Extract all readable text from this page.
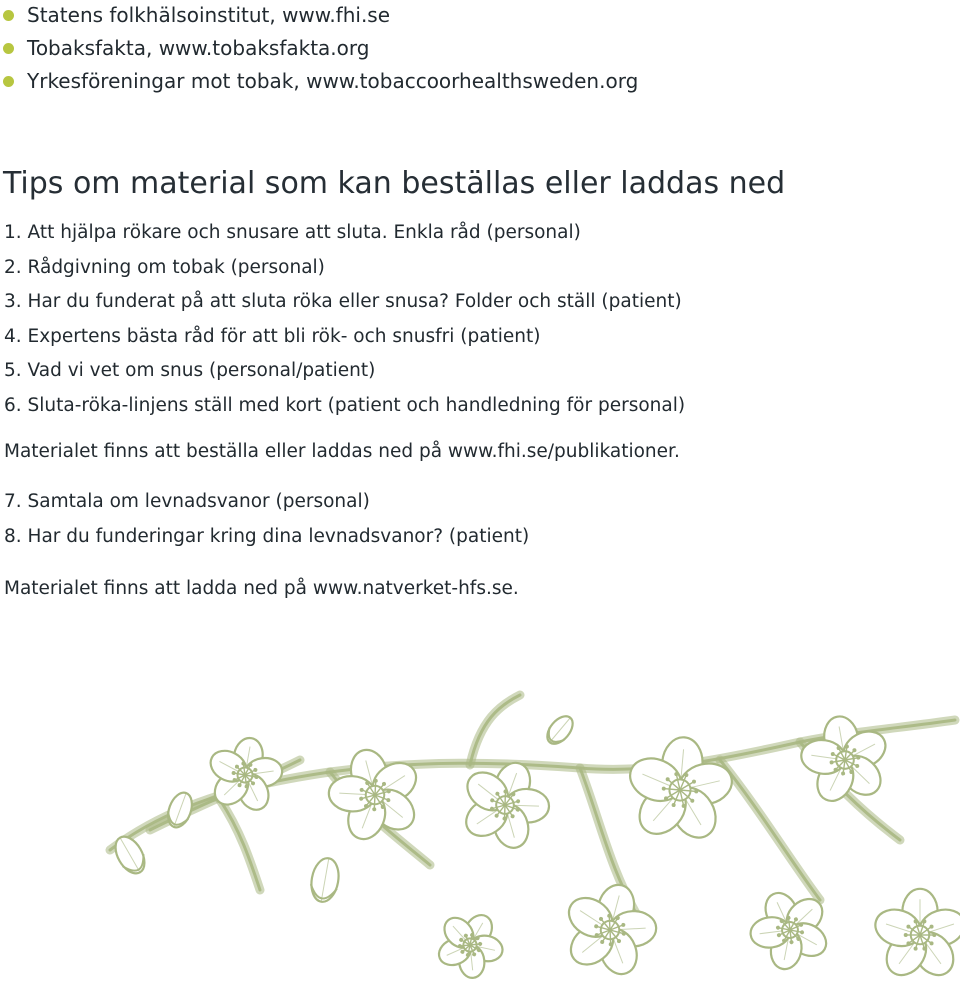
Statens folkhälsoinstitut, www.fhi.se
Tobaksfakta, www.tobaksfakta.org
Yrkesföreningar mot tobak, www.tobaccoorhealthsweden.org
Tips om material som kan beställas eller laddas ned
1. Att hjälpa rökare och snusare att sluta. Enkla råd (personal)
2. Rådgivning om tobak (personal)
3. Har du funderat på att sluta röka eller snusa? Folder och ställ (patient)
4. Expertens bästa råd för att bli rök- och snusfri (patient)
5. Vad vi vet om snus (personal/patient)
6. Sluta-röka-linjens ställ med kort (patient och handledning för personal)

Materialet finns att beställa eller laddas ned på www.fhi.se/publikationer.

7. Samtala om levnadsvanor (personal)
8. Har du funderingar kring dina levnadsvanor? (patient)

Materialet finns att ladda ned på www.natverket-hfs.se.
